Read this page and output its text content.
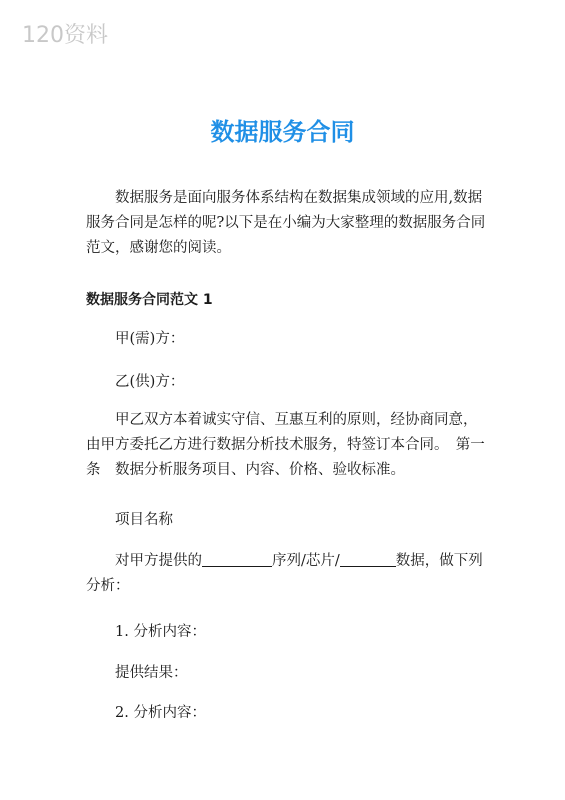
120资料
数据服务合同

数据服务是面向服务体系结构在数据集成领域的应用,数据服务合同是怎样的呢?以下是在小编为大家整理的数据服务合同范文，感谢您的阅读。

数据服务合同范文 1

甲(需)方：

乙(供)方：

甲乙双方本着诚实守信、互惠互利的原则，经协商同意，由甲方委托乙方进行数据分析技术服务，特签订本合同。　第一条　数据分析服务项目、内容、价格、验收标准。

项目名称

对甲方提供的	序列/芯片/	数据，做下列分析：

1. 分析内容：

提供结果：

2. 分析内容：
